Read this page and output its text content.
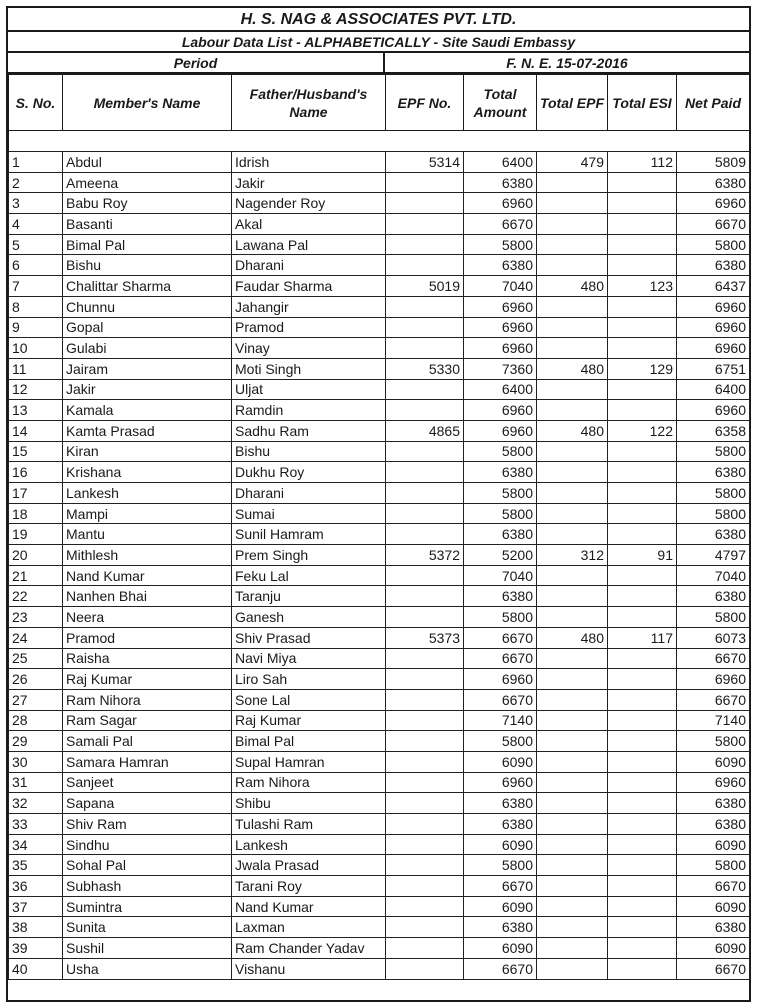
H. S. NAG & ASSOCIATES PVT. LTD.
Labour Data List - ALPHABETICALLY - Site Saudi Embassy
Period	F. N. E. 15-07-2016
S. No.	Member's Name	Father/Husband's Name	EPF No.	Total Amount	Total EPF	Total ESI	Net Paid

1	Abdul	Idrish	5314	6400	479	112	5809
2	Ameena	Jakir		6380			6380
3	Babu Roy	Nagender Roy		6960			6960
4	Basanti	Akal		6670			6670
5	Bimal Pal	Lawana Pal		5800			5800
6	Bishu	Dharani		6380			6380
7	Chalittar Sharma	Faudar Sharma	5019	7040	480	123	6437
8	Chunnu	Jahangir		6960			6960
9	Gopal	Pramod		6960			6960
10	Gulabi	Vinay		6960			6960
11	Jairam	Moti Singh	5330	7360	480	129	6751
12	Jakir	Uljat		6400			6400
13	Kamala	Ramdin		6960			6960
14	Kamta Prasad	Sadhu Ram	4865	6960	480	122	6358
15	Kiran	Bishu		5800			5800
16	Krishana	Dukhu Roy		6380			6380
17	Lankesh	Dharani		5800			5800
18	Mampi	Sumai		5800			5800
19	Mantu	Sunil Hamram		6380			6380
20	Mithlesh	Prem Singh	5372	5200	312	91	4797
21	Nand Kumar	Feku Lal		7040			7040
22	Nanhen Bhai	Taranju		6380			6380
23	Neera	Ganesh		5800			5800
24	Pramod	Shiv Prasad	5373	6670	480	117	6073
25	Raisha	Navi Miya		6670			6670
26	Raj Kumar	Liro Sah		6960			6960
27	Ram Nihora	Sone Lal		6670			6670
28	Ram Sagar	Raj Kumar		7140			7140
29	Samali Pal	Bimal Pal		5800			5800
30	Samara Hamran	Supal Hamran		6090			6090
31	Sanjeet	Ram Nihora		6960			6960
32	Sapana	Shibu		6380			6380
33	Shiv Ram	Tulashi Ram		6380			6380
34	Sindhu	Lankesh		6090			6090
35	Sohal Pal	Jwala Prasad		5800			5800
36	Subhash	Tarani Roy		6670			6670
37	Sumintra	Nand Kumar		6090			6090
38	Sunita	Laxman		6380			6380
39	Sushil	Ram Chander Yadav		6090			6090
40	Usha	Vishanu		6670			6670
